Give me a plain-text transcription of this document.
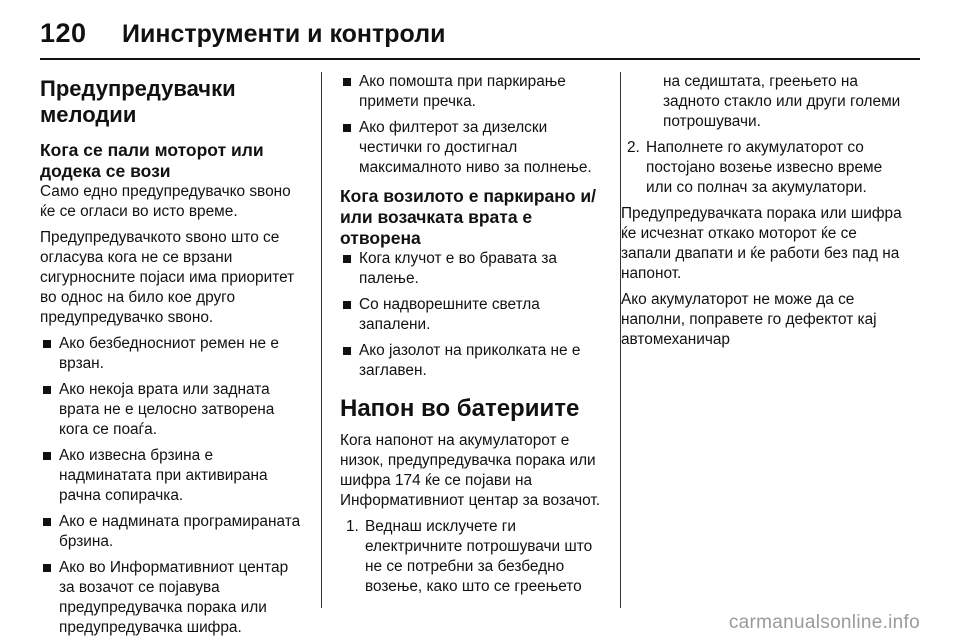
120 Иинструменти и контроли
Предупредувачки мелодии
Кога се пали моторот или додека се вози

Само едно предупредувачко sвоно ќе се огласи во исто време.

Предупредувачкото sвоно што се огласува кога не се врзани сигурносните појаси има приоритет во однос на било кое друго предупредувачко sвоно.

Ако безбедносниот ремен не е врзан.
Ако некоја врата или задната врата не е целосно затворена кога се поаѓа.
Ако извесна брзина е надминатата при активирана рачна сопирачка.
Ако е надмината програмираната брзина.
Ако во Информативниот центар за возачот се појавува предупредувачка порака или предупредувачка шифра.
Ако помошта при паркирање примети пречка.
Ако филтерот за дизелски честички го достигнал максималното ниво за полнење.
Кога возилото е паркирано и/или возачката врата е отворена
Кога клучот е во бравата за палење.
Со надворешните светла запалени.
Ако јазолот на приколката не е заглавен.
Напон во батериите

Кога напонот на акумулаторот е низок, предупредувачка порака или шифра 174 ќе се појави на Информативниот центар за возачот.

1. Веднаш исклучете ги електричните потрошувачи што не се потребни за безбедно возење, како што се греењето

на седиштата, греењето на задното стакло или други големи потрошувачи.

2. Наполнете го акумулаторот со постојано возење извесно време или со полнач за акумулатори.

Предупредувачката порака или шифра ќе исчезнат откако моторот ќе се запали двапати и ќе работи без пад на напонот.

Ако акумулаторот не може да се наполни, поправете го дефектот кај автомеханичар

carmanualsonline.info
